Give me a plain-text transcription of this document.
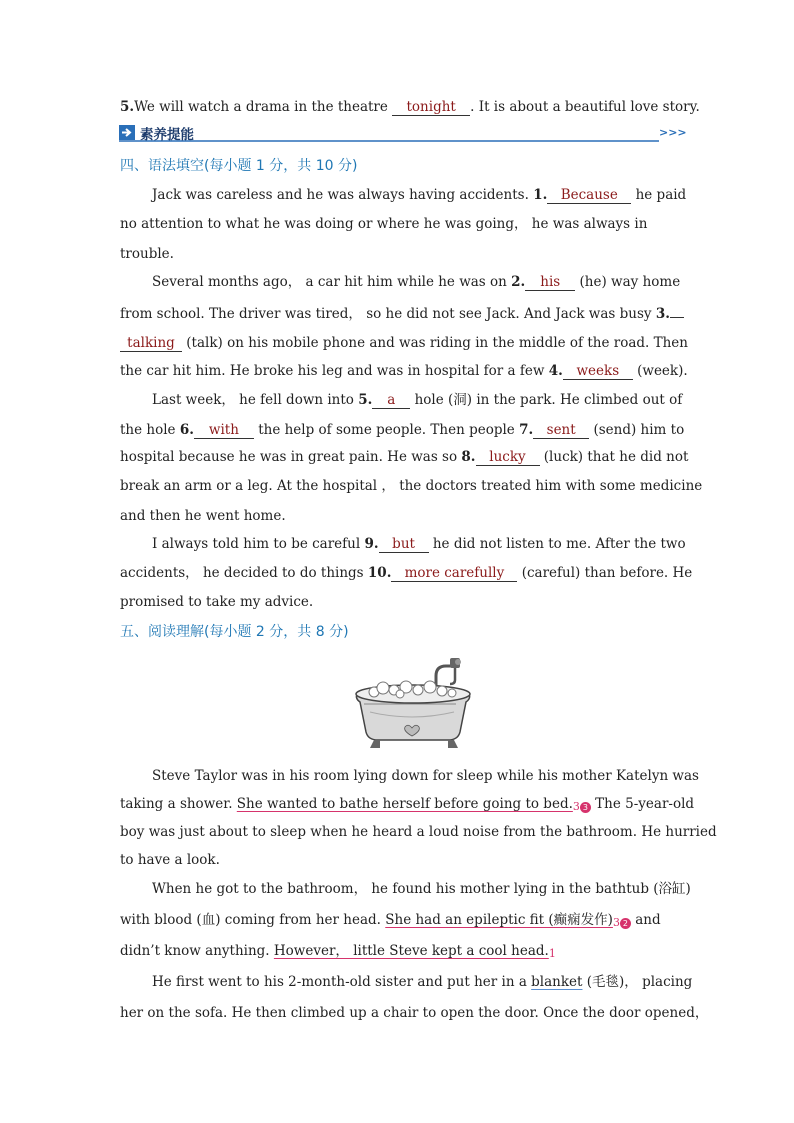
5.We will watch a drama in the theatre tonight . It is about a beautiful love story.
素养提能	>>>
四、语法填空(每小题 1 分，共 10 分)
Jack was careless and he was always having accidents. 1. Because he paid
no attention to what he was doing or where he was going， he was always in
trouble.
Several months ago， a car hit him while he was on 2. his (he) way home
from school. The driver was tired， so he did not see Jack. And Jack was busy 3.
talking (talk) on his mobile phone and was riding in the middle of the road. Then
the car hit him. He broke his leg and was in hospital for a few 4. weeks (week).
Last week， he fell down into 5. a hole (洞) in the park. He climbed out of
the hole 6. with the help of some people. Then people 7. sent (send) him to
hospital because he was in great pain. He was so 8. lucky (luck) that he did not
break an arm or a leg. At the hospital ， the doctors treated him with some medicine
and then he went home.
I always told him to be careful 9. but he did not listen to me. After the two
accidents， he decided to do things 10. more carefully (careful) than before. He
promised to take my advice.
五、阅读理解(每小题 2 分，共 8 分)
Steve Taylor was in his room lying down for sleep while his mother Katelyn was
taking a shower. She wanted to bathe herself before going to bed.3 3 The 5-year-old
boy was just about to sleep when he heard a loud noise from the bathroom. He hurried
to have a look.
When he got to the bathroom， he found his mother lying in the bathtub (浴缸)
with blood (血) coming from her head. She had an epileptic fit (癫痫发作)3 2 and
didn’t know anything. However， little Steve kept a cool head.1
He first went to his 2-month-old sister and put her in a blanket (毛毯)， placing
her on the sofa. He then climbed up a chair to open the door. Once the door opened，
